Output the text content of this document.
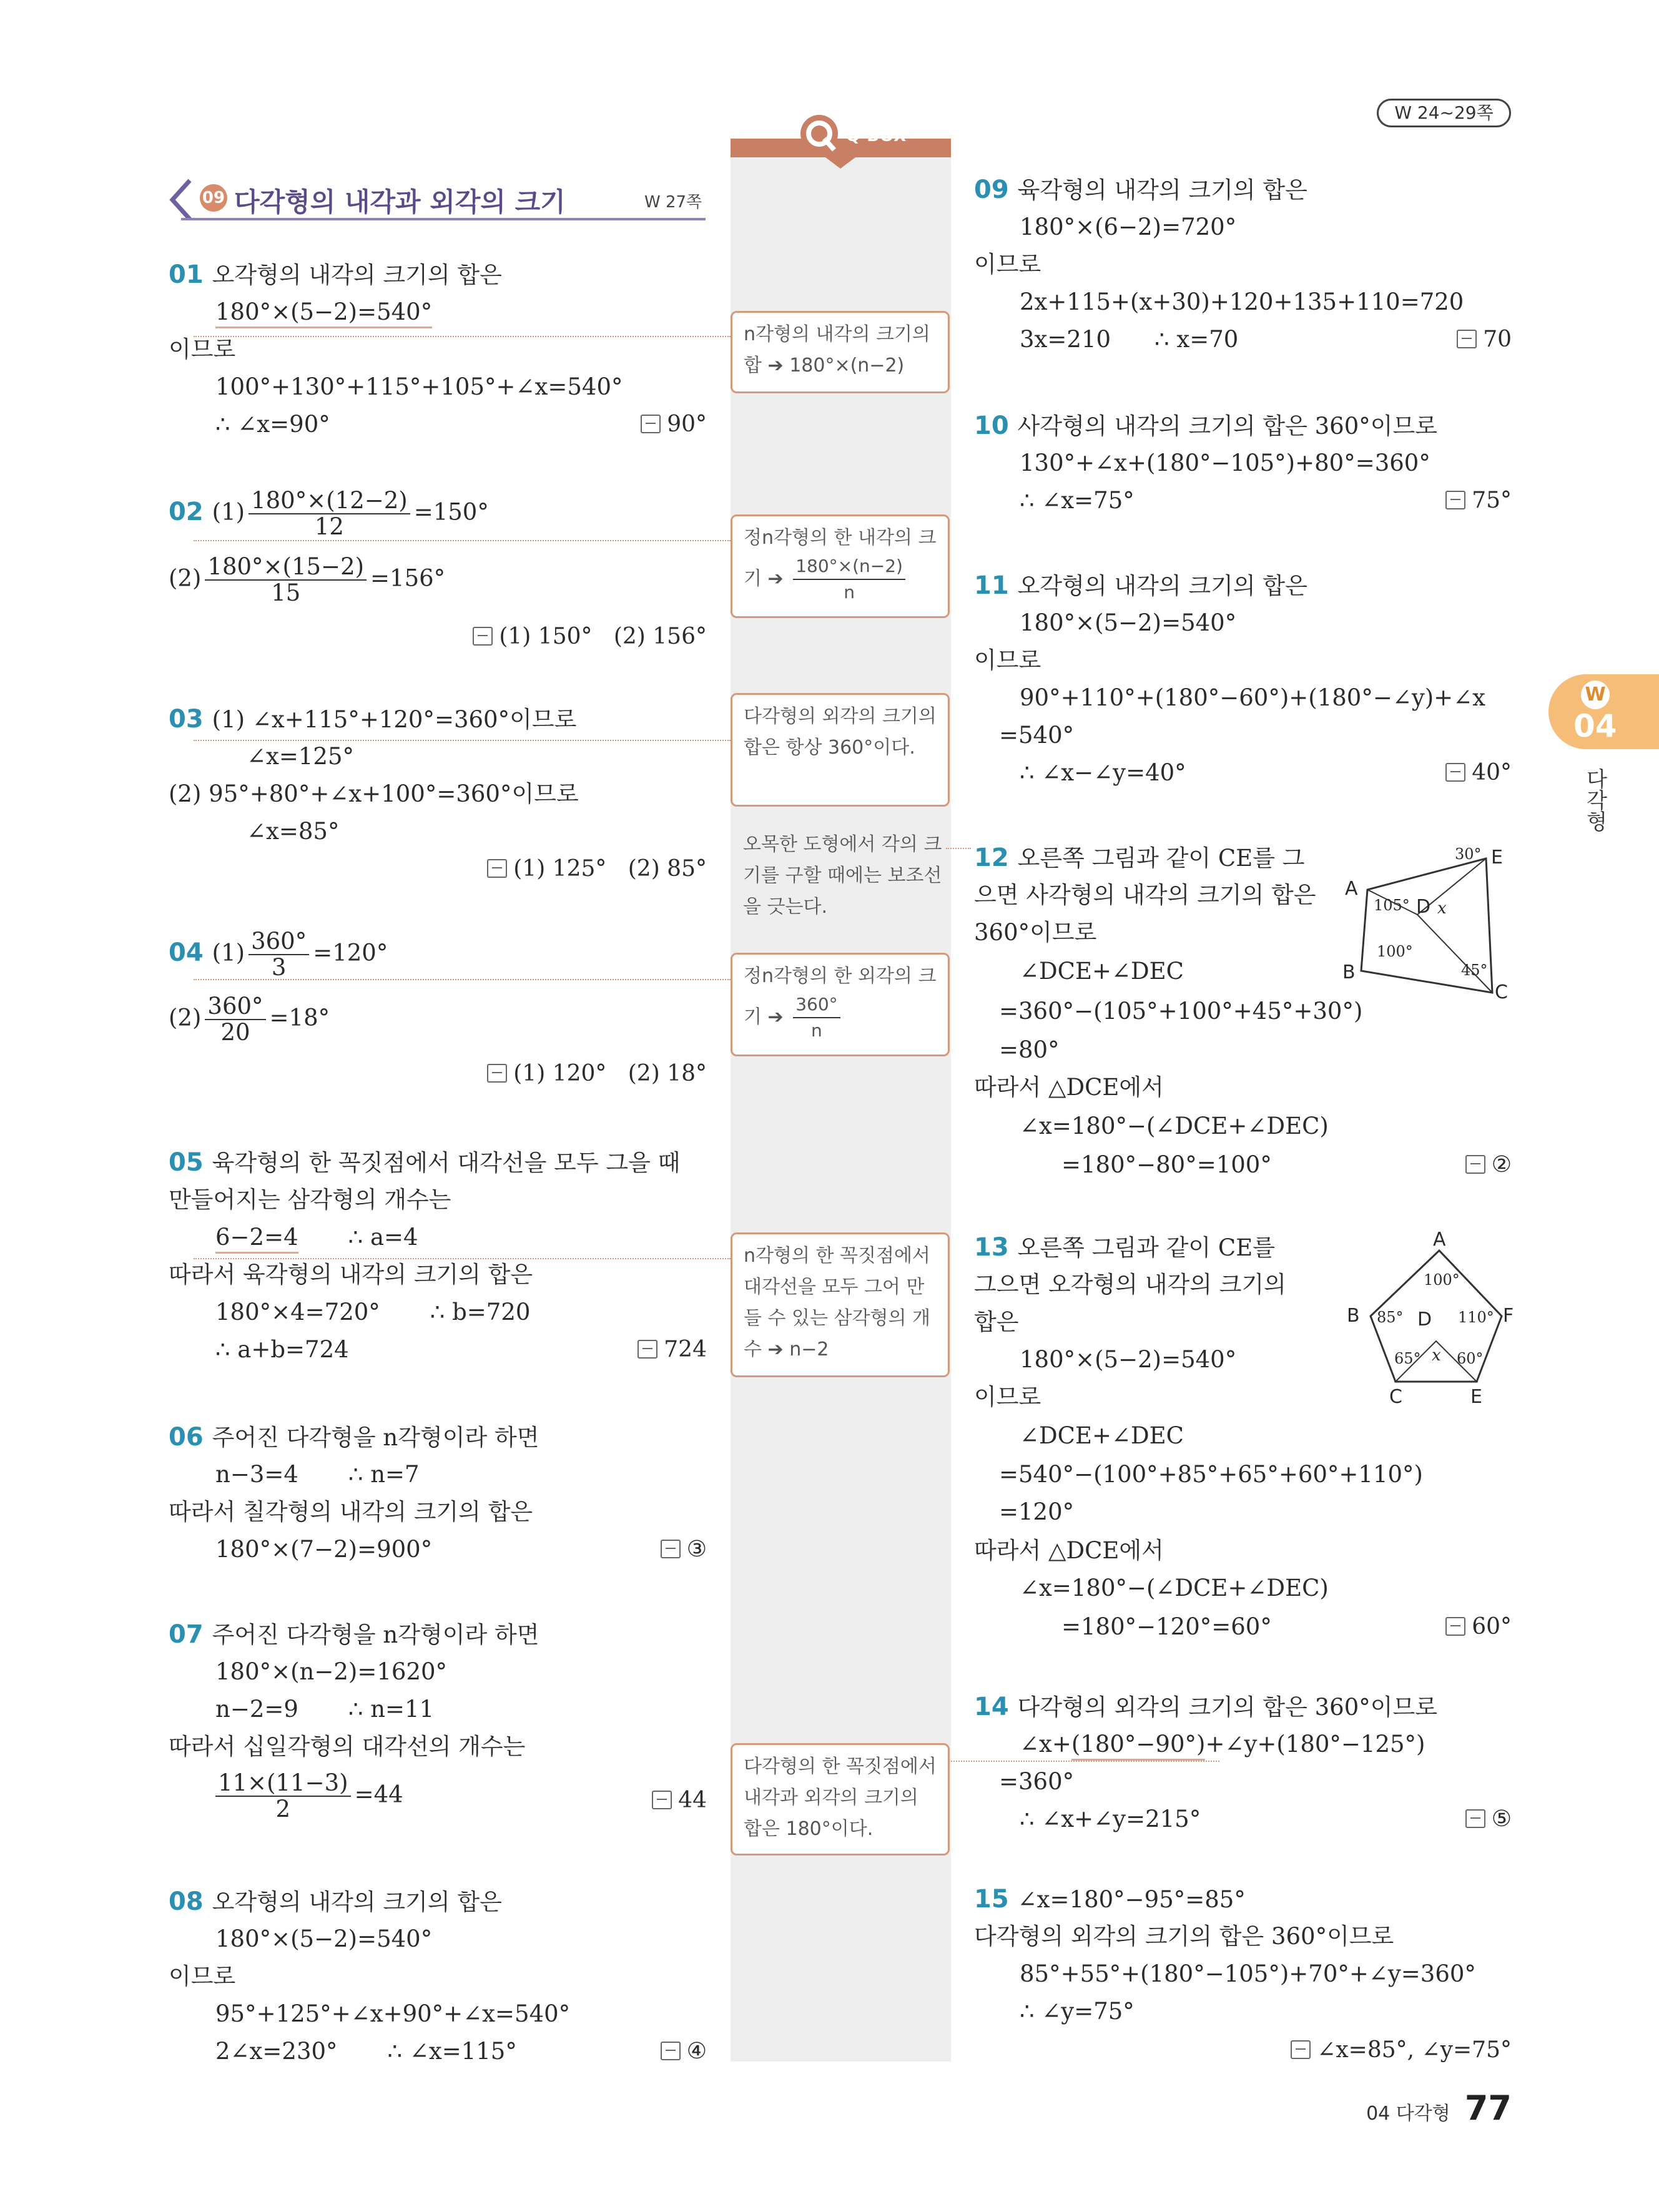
W 24~29쪽
Q BOX
09 다각형의 내각과 외각의 크기	W 27쪽
n각형의 내각의 크기의 합 ➔ 180°×(n−2)
정n각형의 한 내각의 크기 ➔ $\frac{180^\circ\times(n-2)}{n}$
다각형의 외각의 크기의 합은 항상 360°이다.
오목한 도형에서 각의 크기를 구할 때에는 보조선을 긋는다.
정n각형의 한 외각의 크기 ➔ $\frac{360^\circ}{n}$
n각형의 한 꼭짓점에서 대각선을 모두 그어 만들 수 있는 삼각형의 개수 ➔ n−2
다각형의 한 꼭짓점에서 내각과 외각의 크기의 합은 180°이다.
01 오각형의 내각의 크기의 합은
180°×(5−2)=540°
이므로
100°+130°+115°+105°+∠x=540°
∴ ∠x=90°	90°
02 $(1) \frac{180^\circ\times(12-2)}{12} =150^\circ$
$(2) \frac{180^\circ\times(15-2)}{15} =156^\circ$
(1) 150°   (2) 156°
03 (1) ∠x+115°+120°=360°이므로
∠x=125°
(2) 95°+80°+∠x+100°=360°이므로
∠x=85°
(1) 125°   (2) 85°
04 $(1) \frac{360^\circ}{3} =120^\circ$
$(2) \frac{360^\circ}{20} =18^\circ$
(1) 120°   (2) 18°
05 육각형의 한 꼭짓점에서 대각선을 모두 그을 때
만들어지는 삼각형의 개수는
6−2=4 ∴ a=4
따라서 육각형의 내각의 크기의 합은
180°×4=720° ∴ b=720
∴ a+b=724	724
06 주어진 다각형을 n각형이라 하면
n−3=4 ∴ n=7
따라서 칠각형의 내각의 크기의 합은
180°×(7−2)=900°	③
07 주어진 다각형을 n각형이라 하면
180°×(n−2)=1620°
n−2=9 ∴ n=11
따라서 십일각형의 대각선의 개수는
$\frac{11\times(11-3)}{2} =44$	44
08 오각형의 내각의 크기의 합은
180°×(5−2)=540°
이므로
95°+125°+∠x+90°+∠x=540°
2∠x=230° ∴ ∠x=115°	④
09 육각형의 내각의 크기의 합은
180°×(6−2)=720°
이므로
2x+115+(x+30)+120+135+110=720
3x=210 ∴ x=70	70
10 사각형의 내각의 크기의 합은 360°이므로
130°+∠x+(180°−105°)+80°=360°
∴ ∠x=75°	75°
11 오각형의 내각의 크기의 합은
180°×(5−2)=540°
이므로
90°+110°+(180°−60°)+(180°−∠y)+∠x
=540°
∴ ∠x−∠y=40°	40°
12 오른쪽 그림과 같이 CE를 그
으면 사각형의 내각의 크기의 합은
360°이므로
∠DCE+∠DEC
=360°−(105°+100°+45°+30°)
=80°
따라서 △DCE에서
∠x=180°−(∠DCE+∠DEC)
=180°−80°=100°	②
A
B
C
D
E
105°
100°
45°
30°
x
13 오른쪽 그림과 같이 CE를
그으면 오각형의 내각의 크기의
합은
180°×(5−2)=540°
이므로
∠DCE+∠DEC
=540°−(100°+85°+65°+60°+110°)
=120°
따라서 △DCE에서
∠x=180°−(∠DCE+∠DEC)
=180°−120°=60°	60°
A
B
C
D
E
F
100°
85°	110°
65° 60°
x
14 다각형의 외각의 크기의 합은 360°이므로
∠x+(180°−90°)+∠y+(180°−125°)
=360°
∴ ∠x+∠y=215°	⑤
15 ∠x=180°−95°=85°
다각형의 외각의 크기의 합은 360°이므로
85°+55°+(180°−105°)+70°+∠y=360°
∴ ∠y=75°
∠x=85°, ∠y=75°
W
04
다각형
04 다각형 77
